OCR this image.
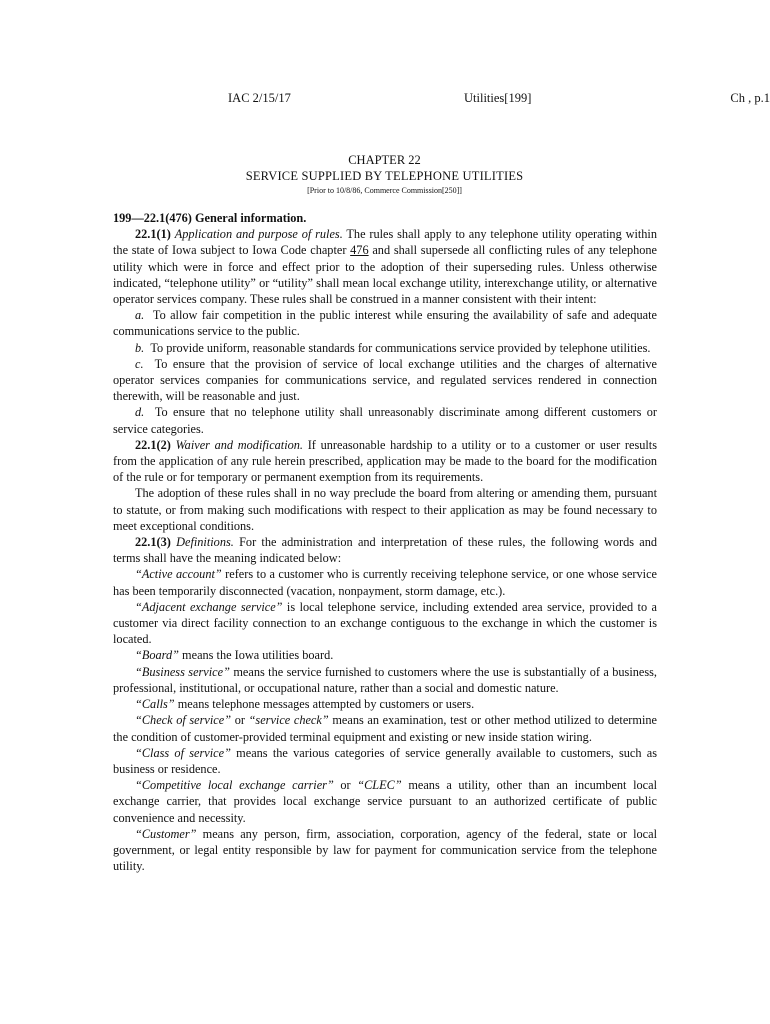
IAC 2/15/17	Utilities[199]	Ch , p.1
CHAPTER 22
SERVICE SUPPLIED BY TELEPHONE UTILITIES
[Prior to 10/8/86, Commerce Commission[250]]

199—22.1(476) General information.

22.1(1) Application and purpose of rules. The rules shall apply to any telephone utility operating within the state of Iowa subject to Iowa Code chapter 476 and shall supersede all conflicting rules of any telephone utility which were in force and effect prior to the adoption of their superseding rules. Unless otherwise indicated, “telephone utility” or “utility” shall mean local exchange utility, interexchange utility, or alternative operator services company. These rules shall be construed in a manner consistent with their intent:

a. To allow fair competition in the public interest while ensuring the availability of safe and adequate communications service to the public.

b. To provide uniform, reasonable standards for communications service provided by telephone utilities.

c. To ensure that the provision of service of local exchange utilities and the charges of alternative operator services companies for communications service, and regulated services rendered in connection therewith, will be reasonable and just.

d. To ensure that no telephone utility shall unreasonably discriminate among different customers or service categories.

22.1(2) Waiver and modification. If unreasonable hardship to a utility or to a customer or user results from the application of any rule herein prescribed, application may be made to the board for the modification of the rule or for temporary or permanent exemption from its requirements.

The adoption of these rules shall in no way preclude the board from altering or amending them, pursuant to statute, or from making such modifications with respect to their application as may be found necessary to meet exceptional conditions.

22.1(3) Definitions. For the administration and interpretation of these rules, the following words and terms shall have the meaning indicated below:

“Active account” refers to a customer who is currently receiving telephone service, or one whose service has been temporarily disconnected (vacation, nonpayment, storm damage, etc.).

“Adjacent exchange service” is local telephone service, including extended area service, provided to a customer via direct facility connection to an exchange contiguous to the exchange in which the customer is located.

“Board” means the Iowa utilities board.

“Business service” means the service furnished to customers where the use is substantially of a business, professional, institutional, or occupational nature, rather than a social and domestic nature.

“Calls” means telephone messages attempted by customers or users.

“Check of service” or “service check” means an examination, test or other method utilized to determine the condition of customer-provided terminal equipment and existing or new inside station wiring.

“Class of service” means the various categories of service generally available to customers, such as business or residence.

“Competitive local exchange carrier” or “CLEC” means a utility, other than an incumbent local exchange carrier, that provides local exchange service pursuant to an authorized certificate of public convenience and necessity.

“Customer” means any person, firm, association, corporation, agency of the federal, state or local government, or legal entity responsible by law for payment for communication service from the telephone utility.
